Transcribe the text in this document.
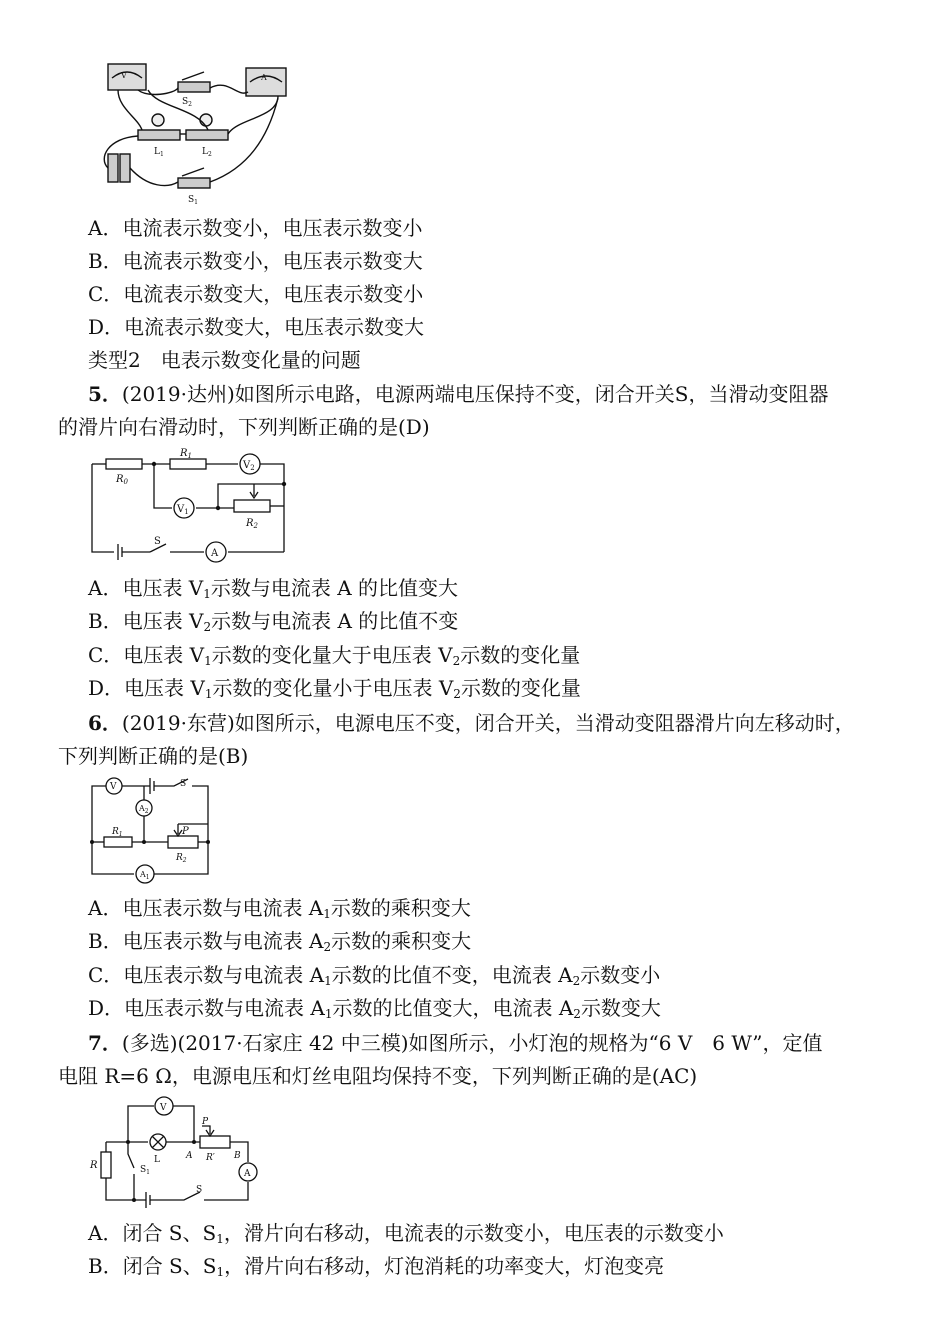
V	A
$S_2$
$L_1$	$L_2$
$S_1$
A．电流表示数变小，电压表示数变小
B．电流表示数变小，电压表示数变大
C．电流表示数变大，电压表示数变小
D．电流表示数变大，电压表示数变大
类型2　电表示数变化量的问题
5．(2019·达州)如图所示电路，电源两端电压保持不变，闭合开关S，当滑动变阻器
的滑片向右滑动时，下列判断正确的是(D)
$R_0$
$R_1$
$V_2$
$V_1$
$R_2$
S
A
A．电压表 $V_1$示数与电流表 A 的比值变大
B．电压表 $V_2$示数与电流表 A 的比值不变
C．电压表 $V_1$示数的变化量大于电压表 $V_2$示数的变化量
D．电压表 $V_1$示数的变化量小于电压表 $V_2$示数的变化量
6．(2019·东营)如图所示，电源电压不变，闭合开关，当滑动变阻器滑片向左移动时，
下列判断正确的是(B)
V	S
$A_2$
$R_1$	P
$R_2$
$A_1$
A．电压表示数与电流表 $A_1$示数的乘积变大
B．电压表示数与电流表 $A_2$示数的乘积变大
C．电压表示数与电流表 $A_1$示数的比值不变，电流表 $A_2$示数变小
D．电压表示数与电流表 $A_1$示数的比值变大，电流表 $A_2$示数变大
7．(多选)(2017·石家庄 42 中三模)如图所示，小灯泡的规格为“6 V　6 W”，定值
电阻 R=6 Ω，电源电压和灯丝电阻均保持不变，下列判断正确的是(AC)
V
P
L	A R′ B
R	$S_1$	A
S
A．闭合 S、$S_1$，滑片向右移动，电流表的示数变小，电压表的示数变小
B．闭合 S、$S_1$，滑片向右移动，灯泡消耗的功率变大，灯泡变亮
